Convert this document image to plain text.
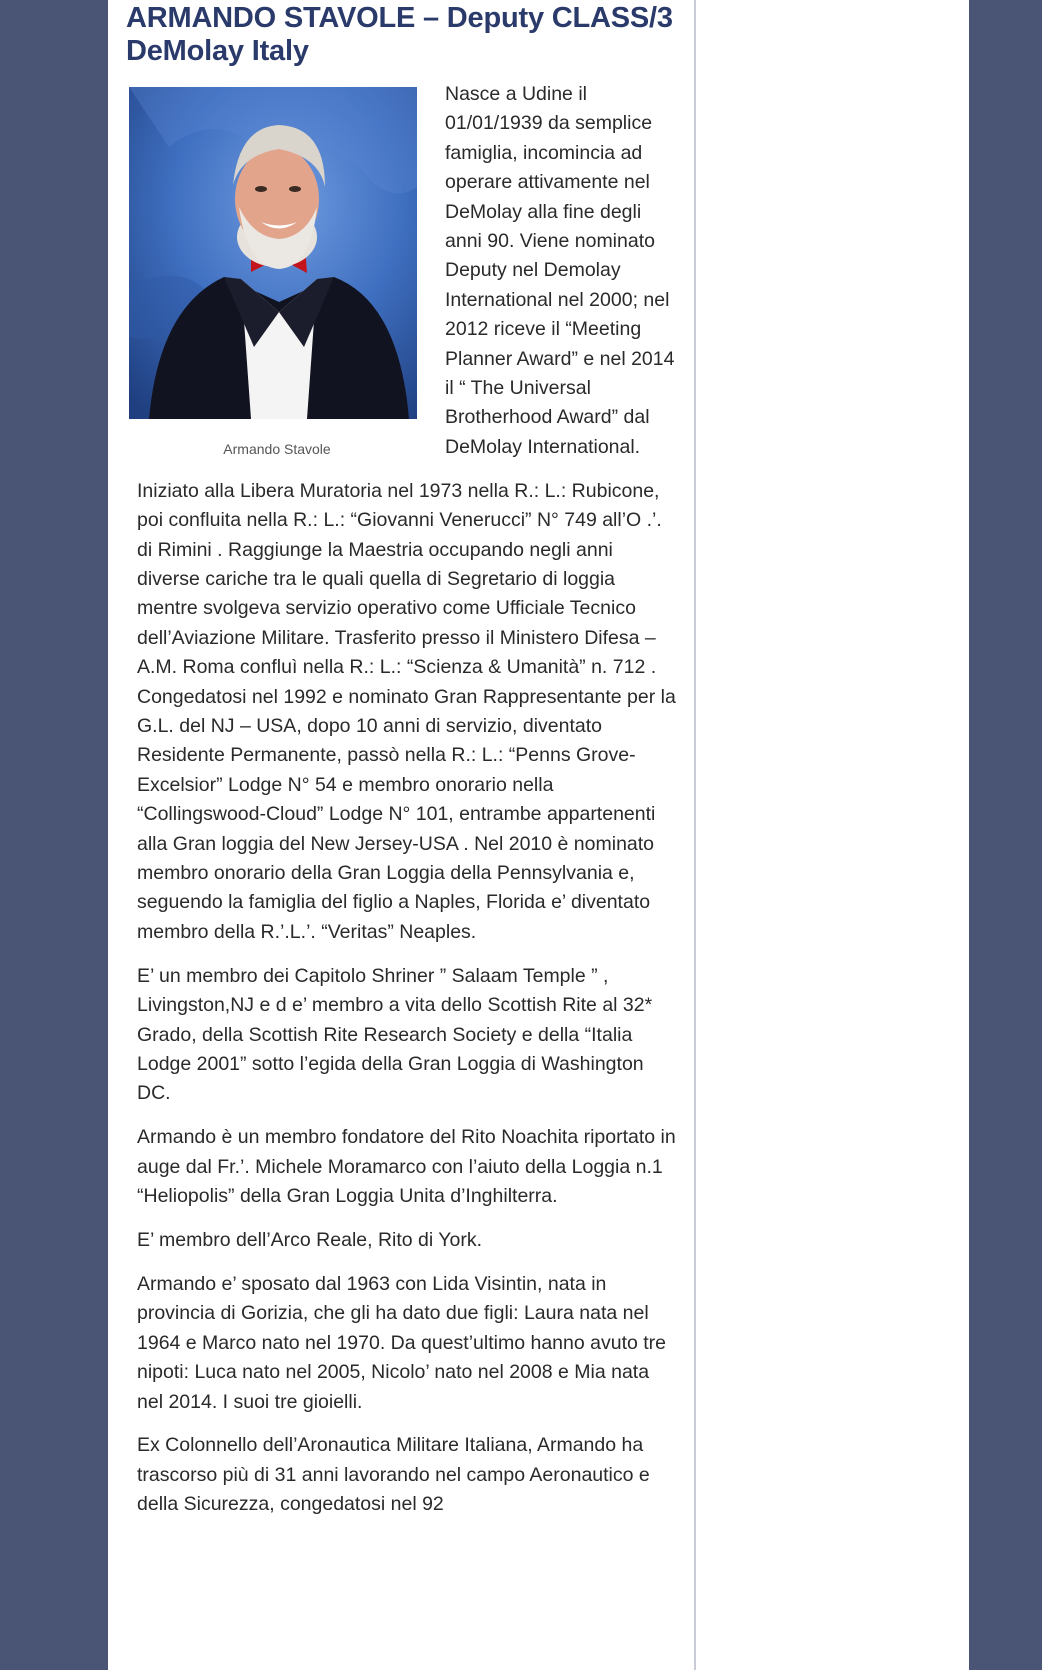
ARMANDO STAVOLE – Deputy CLASS/3 DeMolay Italy
Armando Stavole

Nasce a Udine il 01/01/1939 da semplice famiglia, incomincia ad operare attivamente nel DeMolay alla fine degli anni 90. Viene nominato Deputy nel Demolay International nel 2000; nel 2012 riceve il “Meeting Planner Award” e nel 2014 il “ The Universal Brotherhood Award” dal DeMolay International.

Iniziato alla Libera Muratoria nel 1973 nella R.: L.: Rubicone, poi confluita nella R.: L.: “Giovanni Venerucci” N° 749 all’O .’. di Rimini . Raggiunge la Maestria occupando negli anni diverse cariche tra le quali quella di Segretario di loggia mentre svolgeva servizio operativo come Ufficiale Tecnico dell’Aviazione Militare. Trasferito presso il Ministero Difesa – A.M. Roma confluì nella R.: L.: “Scienza & Umanità” n. 712 . Congedatosi nel 1992 e nominato Gran Rappresentante per la G.L. del NJ – USA, dopo 10 anni di servizio, diventato Residente Permanente, passò nella R.: L.: “Penns Grove-Excelsior” Lodge N° 54 e membro onorario nella “Collingswood-Cloud” Lodge N° 101, entrambe appartenenti alla Gran loggia del New Jersey-USA . Nel 2010 è nominato membro onorario della Gran Loggia della Pennsylvania e, seguendo la famiglia del figlio a Naples, Florida e’ diventato membro della R.’.L.’. “Veritas” Neaples.

E’ un membro dei Capitolo Shriner ” Salaam Temple ” , Livingston,NJ e d e’ membro a vita dello Scottish Rite al 32* Grado, della Scottish Rite Research Society e della “Italia Lodge 2001” sotto l’egida della Gran Loggia di Washington DC.

Armando è un membro fondatore del Rito Noachita riportato in auge dal Fr.’. Michele Moramarco con l’aiuto della Loggia n.1 “Heliopolis” della Gran Loggia Unita d’Inghilterra.

E’ membro dell’Arco Reale, Rito di York.

Armando e’ sposato dal 1963 con Lida Visintin, nata in provincia di Gorizia, che gli ha dato due figli: Laura nata nel 1964 e Marco nato nel 1970. Da quest’ultimo hanno avuto tre nipoti: Luca nato nel 2005, Nicolo’ nato nel 2008 e Mia nata nel 2014. I suoi tre gioielli.

Ex Colonnello dell’Aronautica Militare Italiana, Armando ha trascorso più di 31 anni lavorando nel campo Aeronautico e della Sicurezza, congedatosi nel 92
